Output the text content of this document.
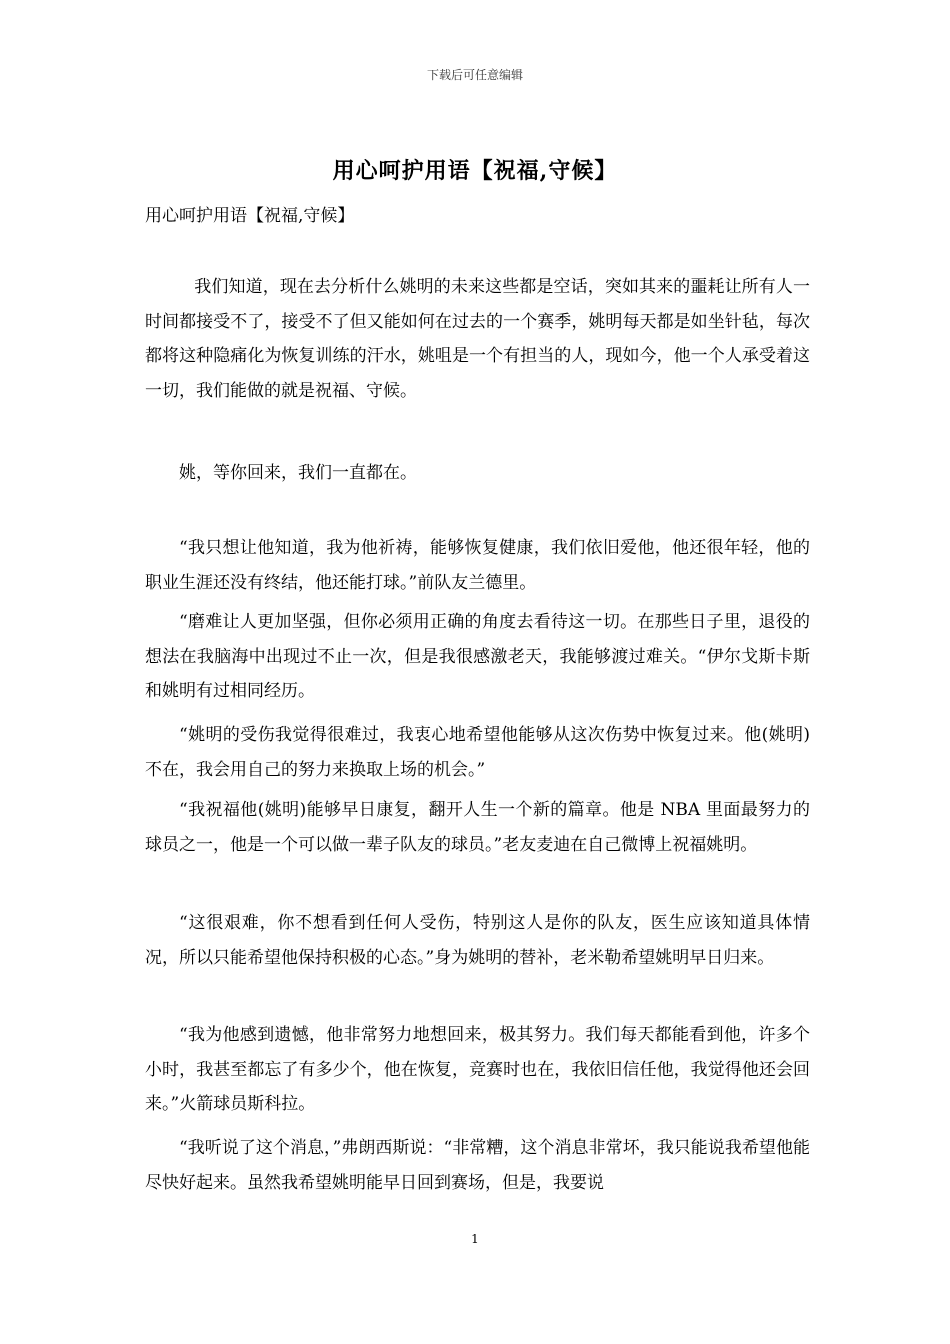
下载后可任意编辑
用心呵护用语【祝福,守候】
用心呵护用语【祝福,守候】

我们知道，现在去分析什么姚明的未来这些都是空话，突如其来的噩耗让所有人一时间都接受不了，接受不了但又能如何在过去的一个赛季，姚明每天都是如坐针毡，每次都将这种隐痛化为恢复训练的汗水，姚咀是一个有担当的人，现如今，他一个人承受着这一切，我们能做的就是祝福、守候。

姚，等你回来，我们一直都在。

“我只想让他知道，我为他祈祷，能够恢复健康，我们依旧爱他，他还很年轻，他的职业生涯还没有终结，他还能打球。”前队友兰德里。

“磨难让人更加坚强，但你必须用正确的角度去看待这一切。在那些日子里，退役的想法在我脑海中出现过不止一次，但是我很感激老天，我能够渡过难关。“伊尔戈斯卡斯和姚明有过相同经历。

“姚明的受伤我觉得很难过，我衷心地希望他能够从这次伤势中恢复过来。他(姚明)不在，我会用自己的努力来换取上场的机会。”

“我祝福他(姚明)能够早日康复，翻开人生一个新的篇章。他是 NBA 里面最努力的球员之一，他是一个可以做一辈子队友的球员。”老友麦迪在自己微博上祝福姚明。

“这很艰难，你不想看到任何人受伤，特别这人是你的队友，医生应该知道具体情况，所以只能希望他保持积极的心态。”身为姚明的替补，老米勒希望姚明早日归来。

“我为他感到遗憾，他非常努力地想回来，极其努力。我们每天都能看到他，许多个小时，我甚至都忘了有多少个，他在恢复，竞赛时也在，我依旧信任他，我觉得他还会回来。”火箭球员斯科拉。

“我听说了这个消息，”弗朗西斯说：“非常糟，这个消息非常坏，我只能说我希望他能尽快好起来。虽然我希望姚明能早日回到赛场，但是，我要说

1
